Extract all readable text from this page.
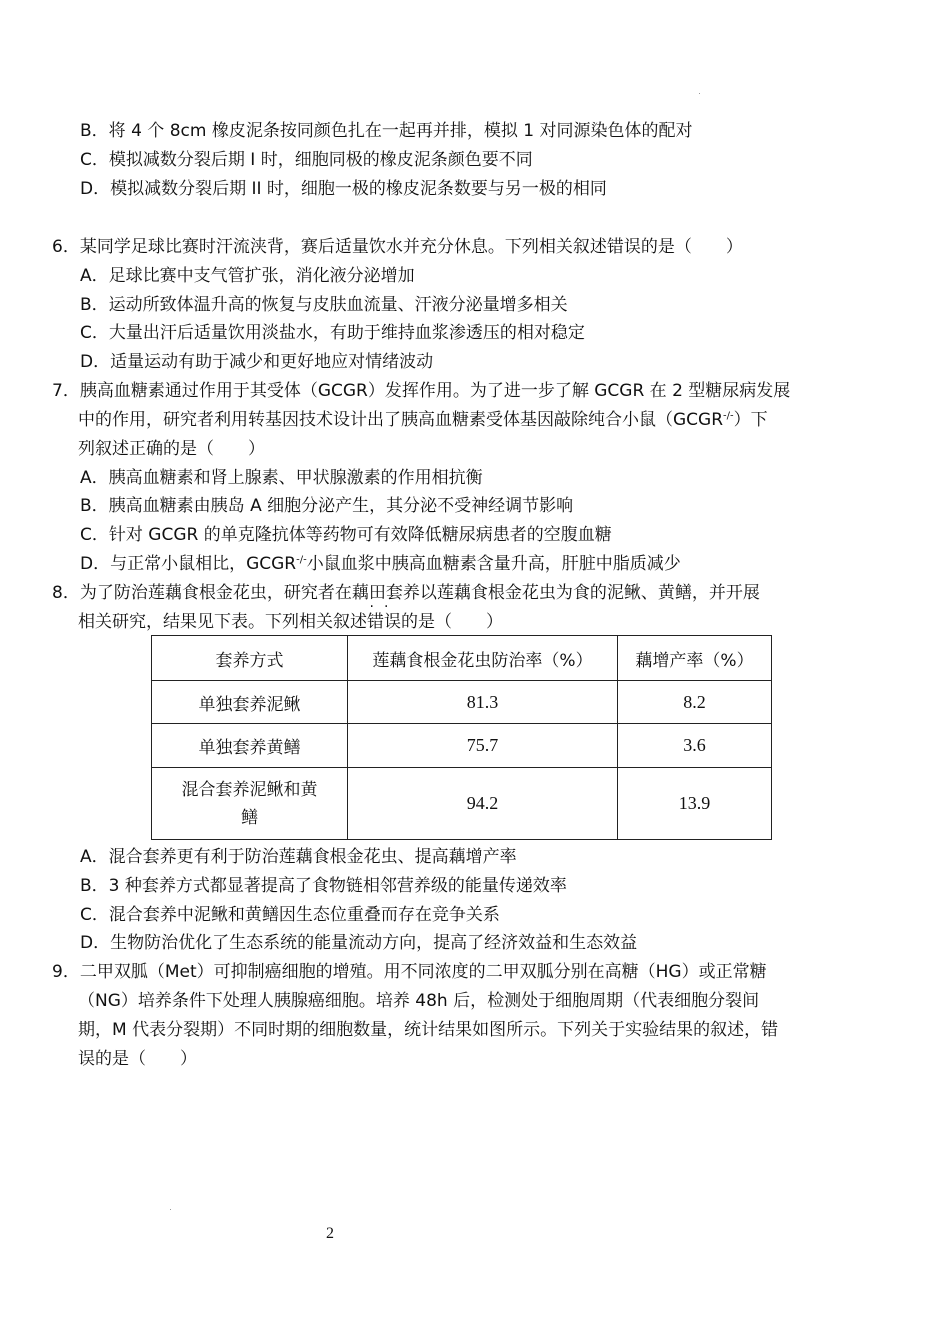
B．将 4 个 8cm 橡皮泥条按同颜色扎在一起再并排，模拟 1 对同源染色体的配对
C．模拟减数分裂后期 I 时，细胞同极的橡皮泥条颜色要不同
D．模拟减数分裂后期 II 时，细胞一极的橡皮泥条数要与另一极的相同
6．某同学足球比赛时汗流浃背，赛后适量饮水并充分休息。下列相关叙述错误的是（　　）
A．足球比赛中支气管扩张，消化液分泌增加
B．运动所致体温升高的恢复与皮肤血流量、汗液分泌量增多相关
C．大量出汗后适量饮用淡盐水，有助于维持血浆渗透压的相对稳定
D．适量运动有助于减少和更好地应对情绪波动
7．胰高血糖素通过作用于其受体（GCGR）发挥作用。为了进一步了解 GCGR 在 2 型糖尿病发展
中的作用，研究者利用转基因技术设计出了胰高血糖素受体基因敲除纯合小鼠（GCGR-/-）下
列叙述正确的是（　　）
A．胰高血糖素和肾上腺素、甲状腺激素的作用相抗衡
B．胰高血糖素由胰岛 A 细胞分泌产生，其分泌不受神经调节影响
C．针对 GCGR 的单克隆抗体等药物可有效降低糖尿病患者的空腹血糖
D．与正常小鼠相比，GCGR-/-小鼠血浆中胰高血糖素含量升高，肝脏中脂质减少
8．为了防治莲藕食根金花虫，研究者在藕田套养以莲藕食根金花虫为食的泥鳅、黄鳝，并开展
相关研究，结果见下表。下列相关叙述
··
错误的是（　　）
套养方式	莲藕食根金花虫防治率（%）	藕增产率（%）
单独套养泥鳅	81.3	8.2
单独套养黄鳝	75.7	3.6

混合套养泥鳅和黄
鳝	94.2	13.9
A．混合套养更有利于防治莲藕食根金花虫、提高藕增产率
B．3 种套养方式都显著提高了食物链相邻营养级的能量传递效率
C．混合套养中泥鳅和黄鳝因生态位重叠而存在竞争关系
D．生物防治优化了生态系统的能量流动方向，提高了经济效益和生态效益
9．二甲双胍（Met）可抑制癌细胞的增殖。用不同浓度的二甲双胍分别在高糖（HG）或正常糖
（NG）培养条件下处理人胰腺癌细胞。培养 48h 后，检测处于细胞周期（代表细胞分裂间
期，M 代表分裂期）不同时期的细胞数量，统计结果如图所示。下列关于实验结果的叙述，错
误的是（　　）
2
